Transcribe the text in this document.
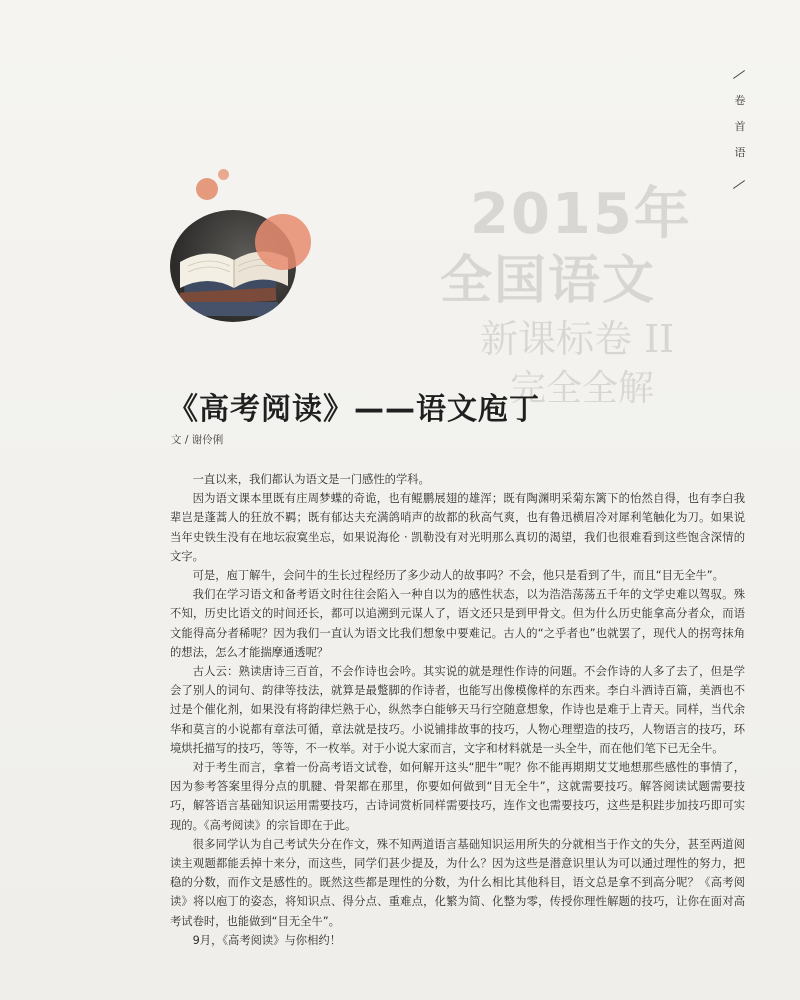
卷
首
语
2015年
全国语文
新课标卷 II
完全全解
《高考阅读》——语文庖丁
文 / 谢伶俐

一直以来，我们都认为语文是一门感性的学科。

因为语文课本里既有庄周梦蝶的奇诡，也有鲲鹏展翅的雄浑；既有陶渊明采菊东篱下的怡然自得，也有李白我辈岂是蓬蒿人的狂放不羁；既有郁达夫充满鸽哨声的故都的秋高气爽，也有鲁迅横眉冷对犀利笔触化为刀。如果说当年史铁生没有在地坛寂寞坐忘，如果说海伦 · 凯勒没有对光明那么真切的渴望，我们也很难看到这些饱含深情的文字。

可是，庖丁解牛，会问牛的生长过程经历了多少动人的故事吗？不会，他只是看到了牛，而且“目无全牛”。

我们在学习语文和备考语文时往往会陷入一种自以为的感性状态，以为浩浩荡荡五千年的文学史难以驾驭。殊不知，历史比语文的时间还长，都可以追溯到元谋人了，语文还只是到甲骨文。但为什么历史能拿高分者众，而语文能得高分者稀呢？因为我们一直认为语文比我们想象中要难记。古人的“之乎者也”也就罢了，现代人的拐弯抹角的想法，怎么才能揣摩通透呢？

古人云：熟读唐诗三百首，不会作诗也会吟。其实说的就是理性作诗的问题。不会作诗的人多了去了，但是学会了别人的词句、韵律等技法，就算是最蹩脚的作诗者，也能写出像模像样的东西来。李白斗酒诗百篇，美酒也不过是个催化剂，如果没有将韵律烂熟于心，纵然李白能够天马行空随意想象，作诗也是难于上青天。同样，当代余华和莫言的小说都有章法可循，章法就是技巧。小说铺排故事的技巧，人物心理塑造的技巧，人物语言的技巧，环境烘托描写的技巧，等等，不一枚举。对于小说大家而言，文字和材料就是一头全牛，而在他们笔下已无全牛。

对于考生而言，拿着一份高考语文试卷，如何解开这头“肥牛”呢？你不能再期期艾艾地想那些感性的事情了，因为参考答案里得分点的肌腱、骨架都在那里，你要如何做到“目无全牛”，这就需要技巧。解答阅读试题需要技巧，解答语言基础知识运用需要技巧，古诗词赏析同样需要技巧，连作文也需要技巧，这些是积跬步加技巧即可实现的。《高考阅读》的宗旨即在于此。

很多同学认为自己考试失分在作文，殊不知两道语言基础知识运用所失的分就相当于作文的失分，甚至两道阅读主观题都能丢掉十来分，而这些，同学们甚少提及，为什么？因为这些是潜意识里认为可以通过理性的努力，把稳的分数，而作文是感性的。既然这些都是理性的分数，为什么相比其他科目，语文总是拿不到高分呢？《高考阅读》将以庖丁的姿态，将知识点、得分点、重难点，化繁为简、化整为零，传授你理性解题的技巧，让你在面对高考试卷时，也能做到“目无全牛”。

9月，《高考阅读》与你相约！
